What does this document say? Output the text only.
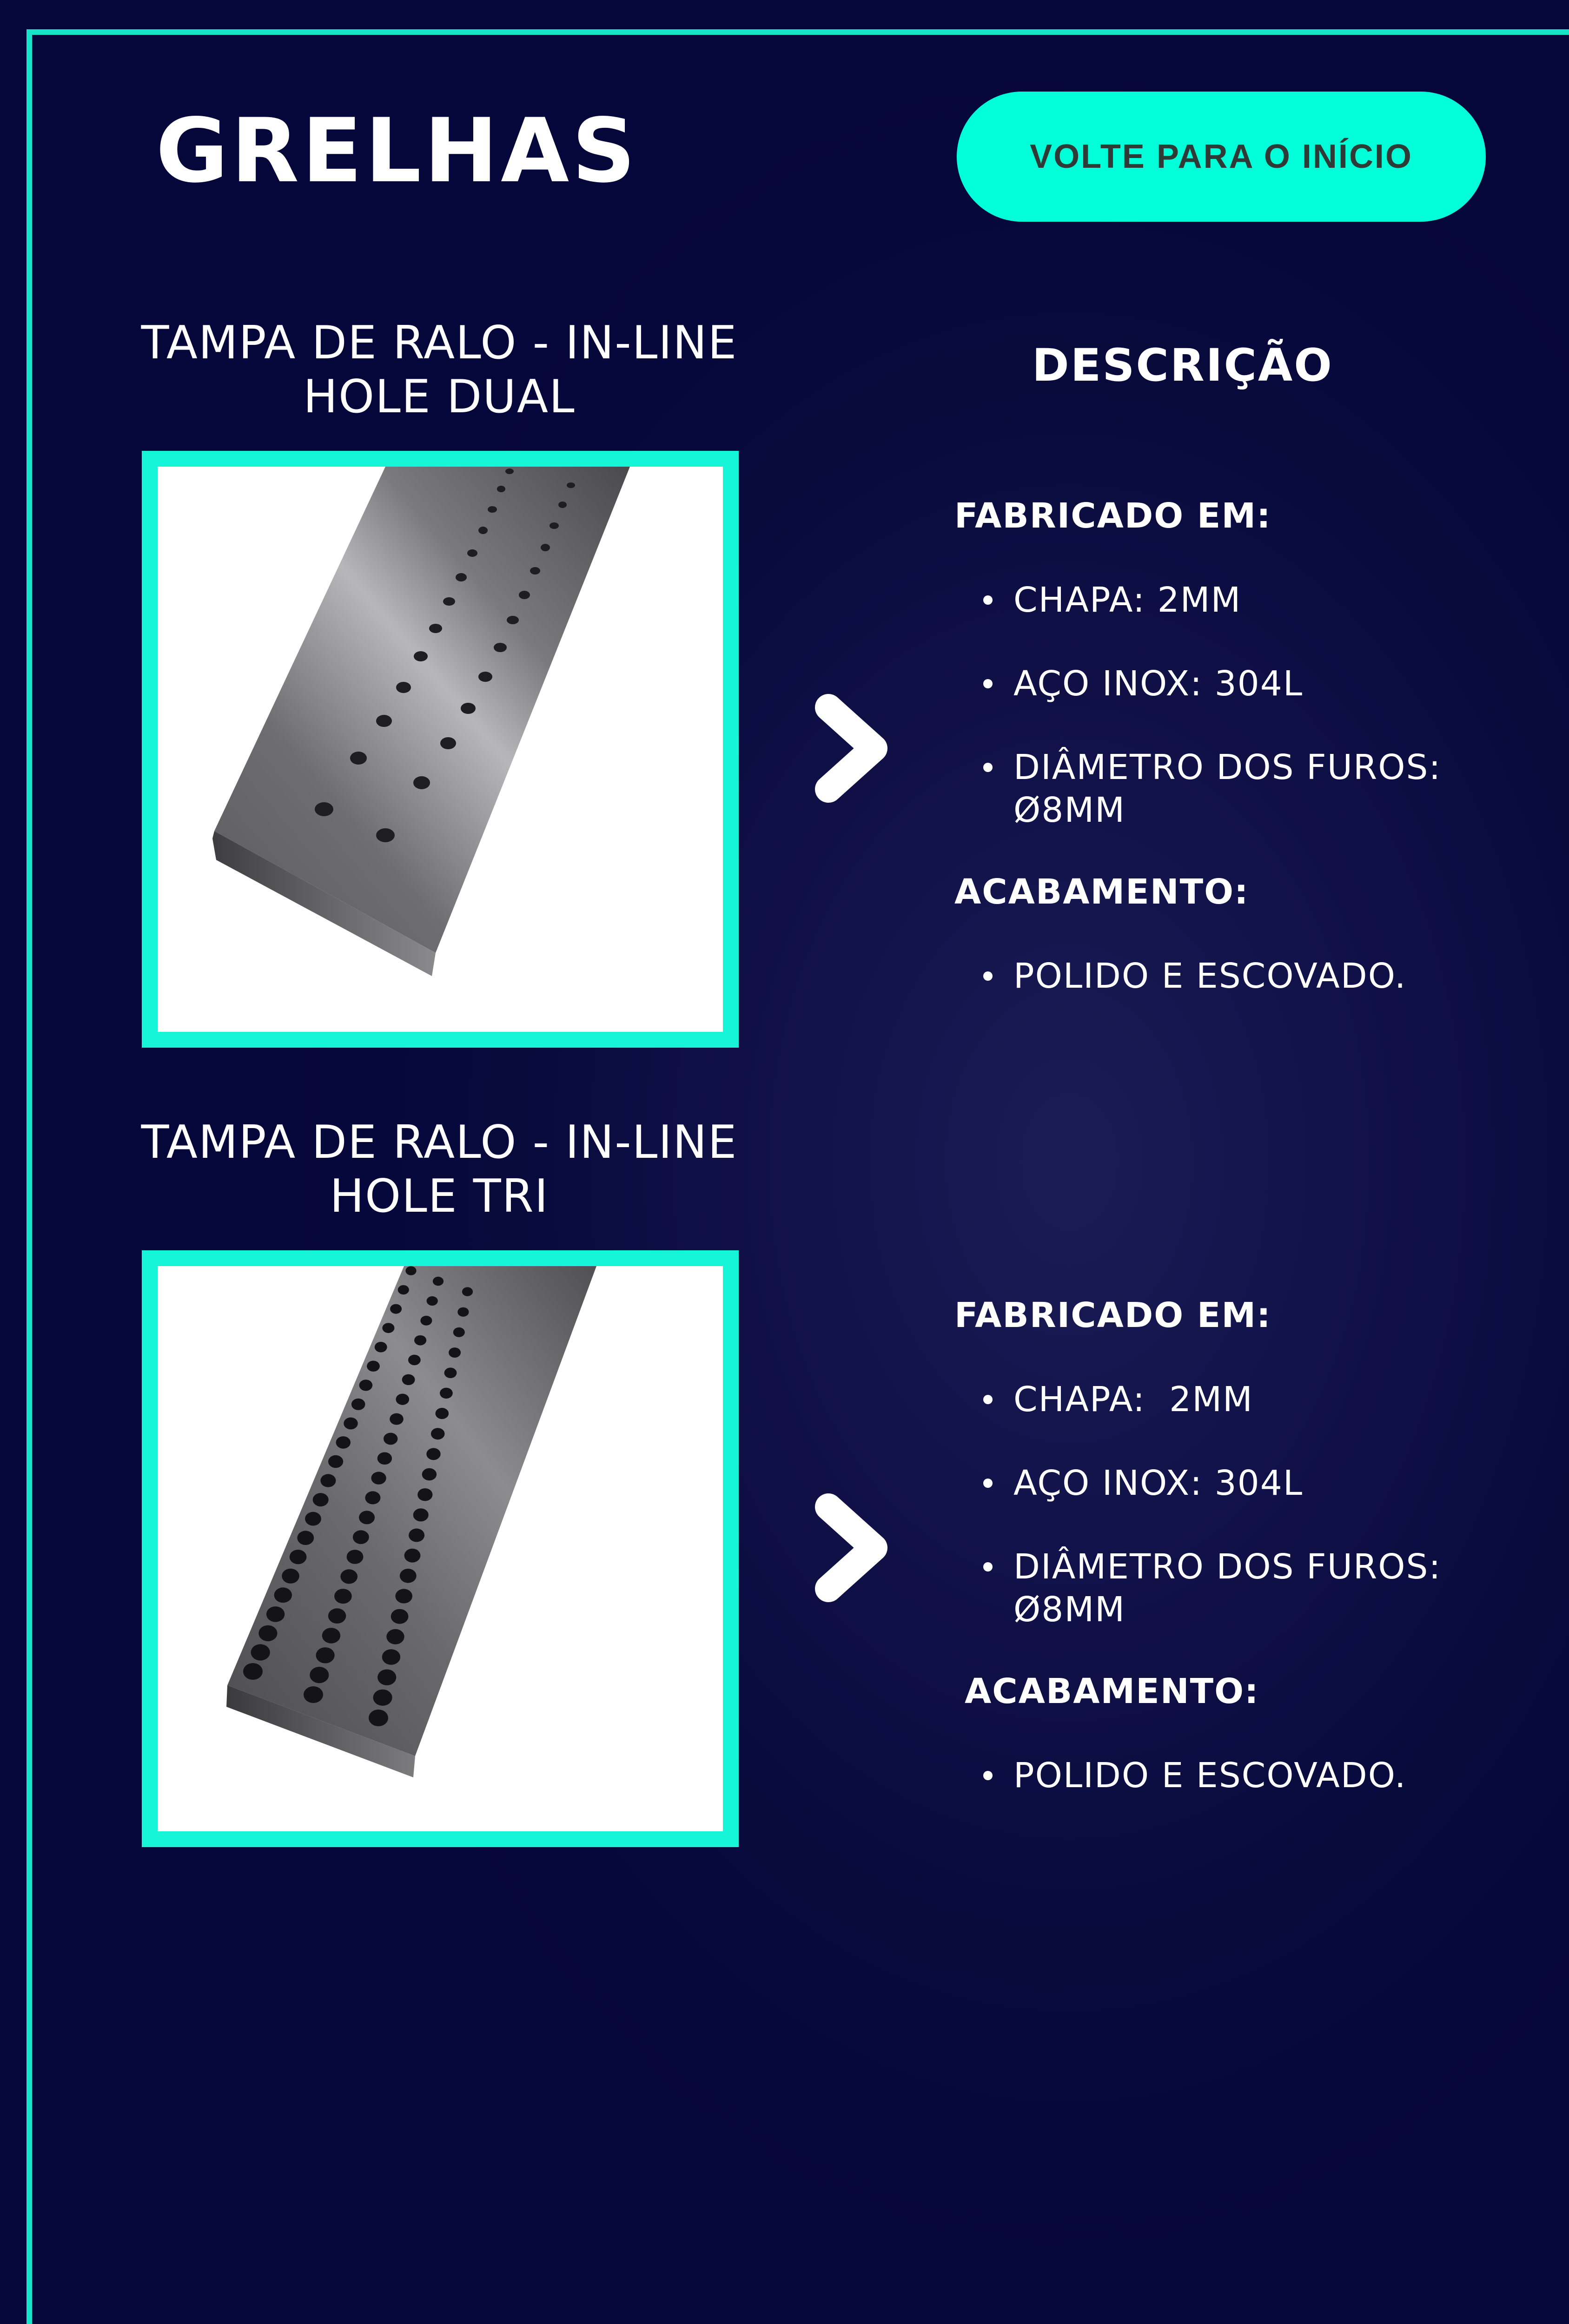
GRELHAS	VOLTE PARA O INÍCIO
TAMPA DE RALO - IN-LINE
HOLE DUAL
DESCRIÇÃO
FABRICADO EM:
CHAPA: 2MM
AÇO INOX: 304L
DIÂMETRO DOS FUROS:
Ø8MM
ACABAMENTO:
POLIDO E ESCOVADO.
TAMPA DE RALO - IN-LINE
HOLE TRI
FABRICADO EM:
CHAPA:  2MM
AÇO INOX: 304L
DIÂMETRO DOS FUROS:
Ø8MM
ACABAMENTO:
POLIDO E ESCOVADO.
